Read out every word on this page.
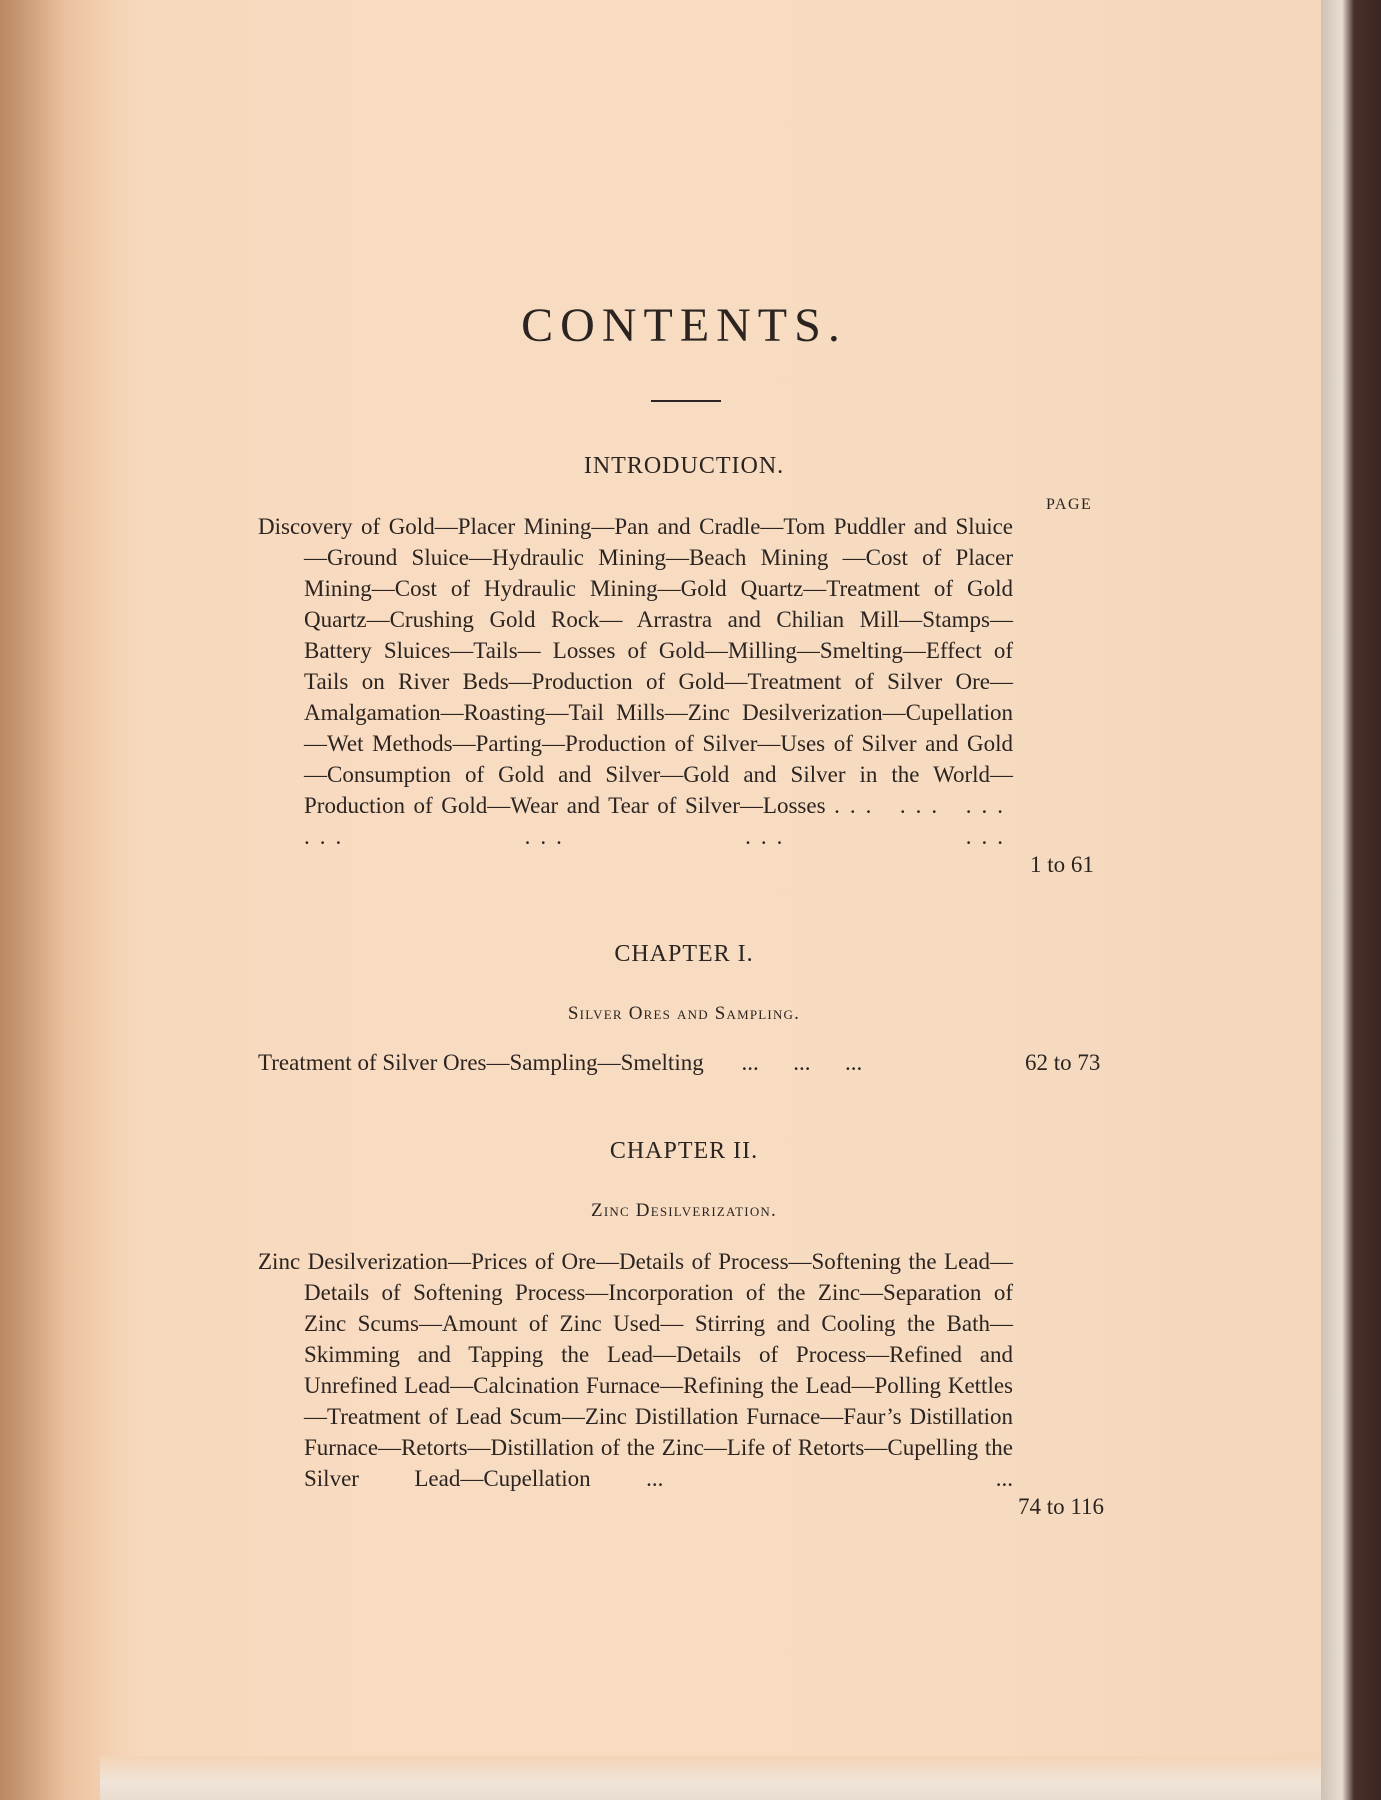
CONTENTS.
INTRODUCTION.
PAGE
Discovery of Gold—Placer Mining—Pan and Cradle—Tom Puddler and Sluice—Ground Sluice—Hydraulic Mining—Beach Mining —Cost of Placer Mining—Cost of Hydraulic Mining—Gold Quartz—Treatment of Gold Quartz—Crushing Gold Rock— Arrastra and Chilian Mill—Stamps—Battery Sluices—Tails— Losses of Gold—Milling—Smelting—Effect of Tails on River Beds—Production of Gold—Treatment of Silver Ore—Amalgamation—Roasting—Tail Mills—Zinc Desilverization—Cupellation—Wet Methods—Parting—Production of Silver—Uses of Silver and Gold—Consumption of Gold and Silver—Gold and Silver in the World—Production of Gold—Wear and Tear of Silver—Losses ... ... ... ... ... ... ...
1 to 61
CHAPTER I.
Silver Ores and Sampling.
Treatment of Silver Ores—Sampling—Smelting ...      ...      ...	62 to 73
CHAPTER II.
Zinc Desilverization.
Zinc Desilverization—Prices of Ore—Details of Process—Softening the Lead—Details of Softening Process—Incorporation of the Zinc—Separation of Zinc Scums—Amount of Zinc Used— Stirring and Cooling the Bath—Skimming and Tapping the Lead—Details of Process—Refined and Unrefined Lead—Calcination Furnace—Refining the Lead—Polling Kettles—Treatment of Lead Scum—Zinc Distillation Furnace—Faur’s Distillation Furnace—Retorts—Distillation of the Zinc—Life of Retorts—Cupelling the Silver Lead—Cupellation ...      ...
74 to 116
